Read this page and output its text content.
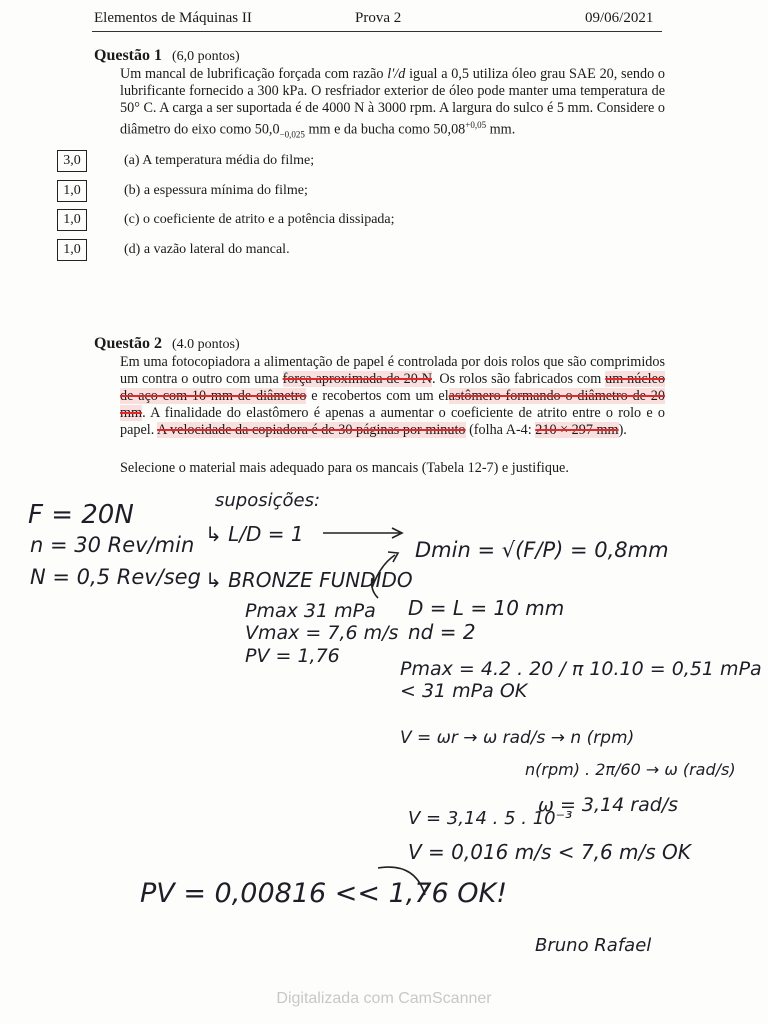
Elementos de Máquinas II	Prova 2	09/06/2021
Questão 1 (6,0 pontos)
Um mancal de lubrificação forçada com razão l′/d igual a 0,5 utiliza óleo grau SAE 20, sendo o lubrificante fornecido a 300 kPa. O resfriador exterior de óleo pode manter uma temperatura de 50° C. A carga a ser suportada é de 4000 N à 3000 rpm. A largura do sulco é 5 mm. Considere o diâmetro do eixo como $50,0_{-0,025}$ mm e da bucha como $50,08^{+0,05}$ mm.
3,0	(a) A temperatura média do filme;
1,0	(b) a espessura mínima do filme;
1,0	(c) o coeficiente de atrito e a potência dissipada;
1,0	(d) a vazão lateral do mancal.
Questão 2 (4.0 pontos)
Em uma fotocopiadora a alimentação de papel é controlada por dois rolos que são comprimidos um contra o outro com uma força aproximada de 20 N. Os rolos são fabricados com um núcleo de aço com 10 mm de diâmetro e recobertos com um elastômero formando o diâmetro de 20 mm. A finalidade do elastômero é apenas a aumentar o coeficiente de atrito entre o rolo e o papel. A velocidade da copiadora é de 30 páginas por minuto (folha A-4: 210 × 297 mm).
Selecione o material mais adequado para os mancais (Tabela 12-7) e justifique.
F = 20N
n = 30 Rev/min
N = 0,5 Rev/seg
suposições:
↳ L/D = 1
↳ BRONZE FUNDIDO
Pmax 31 mPa
Vmax = 7,6 m/s
PV = 1,76
Dmin = √(F/P) = 0,8mm
D = L = 10 mm
nd = 2
Pmax = 4.2 . 20 / π 10.10 = 0,51 mPa < 31 mPa OK
V = ωr → ω rad/s → n (rpm)
n(rpm) . 2π/60 → ω (rad/s)
ω = 3,14 rad/s
V = 3,14 . 5 . 10⁻³
V = 0,016 m/s < 7,6 m/s OK
PV = 0,00816 << 1,76 OK!
Bruno Rafael
Digitalizada com CamScanner
